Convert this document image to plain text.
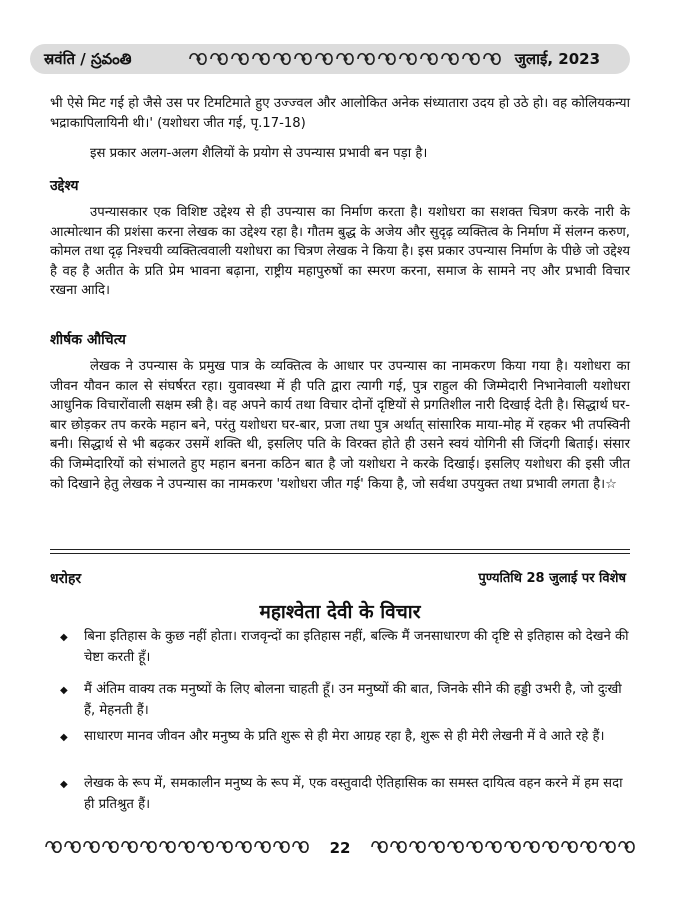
स्रवंति / స్రవంతి	जुलाई, 2023
भी ऐसे मिट गई हो जैसे उस पर टिमटिमाते हुए उज्ज्वल और आलोकित अनेक संध्यातारा उदय हो उठे हो। वह कोलियकन्या भद्राकापिलायिनी थी।' (यशोधरा जीत गई, पृ.17-18)
इस प्रकार अलग-अलग शैलियों के प्रयोग से उपन्यास प्रभावी बन पड़ा है।
उद्देश्य
उपन्यासकार एक विशिष्ट उद्देश्य से ही उपन्यास का निर्माण करता है। यशोधरा का सशक्त चित्रण करके नारी के आत्मोत्थान की प्रशंसा करना लेखक का उद्देश्य रहा है। गौतम बुद्ध के अजेय और सुदृढ़ व्यक्तित्व के निर्माण में संलग्न करुण, कोमल तथा दृढ़ निश्चयी व्यक्तित्ववाली यशोधरा का चित्रण लेखक ने किया है। इस प्रकार उपन्यास निर्माण के पीछे जो उद्देश्य है वह है अतीत के प्रति प्रेम भावना बढ़ाना, राष्ट्रीय महापुरुषों का स्मरण करना, समाज के सामने नए और प्रभावी विचार रखना आदि।
शीर्षक औचित्य
लेखक ने उपन्यास के प्रमुख पात्र के व्यक्तित्व के आधार पर उपन्यास का नामकरण किया गया है। यशोधरा का जीवन यौवन काल से संघर्षरत रहा। युवावस्था में ही पति द्वारा त्यागी गई, पुत्र राहुल की जिम्मेदारी निभानेवाली यशोधरा आधुनिक विचारोंवाली सक्षम स्त्री है। वह अपने कार्य तथा विचार दोनों दृष्टियों से प्रगतिशील नारी दिखाई देती है। सिद्धार्थ घर-बार छोड़कर तप करके महान बने, परंतु यशोधरा घर-बार, प्रजा तथा पुत्र अर्थात् सांसारिक माया-मोह में रहकर भी तपस्विनी बनी। सिद्धार्थ से भी बढ़कर उसमें शक्ति थी, इसलिए पति के विरक्त होते ही उसने स्वयं योगिनी सी जिंदगी बिताई। संसार की जिम्मेदारियों को संभालते हुए महान बनना कठिन बात है जो यशोधरा ने करके दिखाई। इसलिए यशोधरा की इसी जीत को दिखाने हेतु लेखक ने उपन्यास का नामकरण 'यशोधरा जीत गई' किया है, जो सर्वथा उपयुक्त तथा प्रभावी लगता है।☆
धरोहर	पुण्यतिथि 28 जुलाई पर विशेष
महाश्वेता देवी के विचार
◆ बिना इतिहास के कुछ नहीं होता। राजवृन्दों का इतिहास नहीं, बल्कि मैं जनसाधारण की दृष्टि से इतिहास को देखने की चेष्टा करती हूँ।
◆ मैं अंतिम वाक्य तक मनुष्यों के लिए बोलना चाहती हूँ। उन मनुष्यों की बात, जिनके सीने की हड्डी उभरी है, जो दुःखी हैं, मेहनती हैं।
◆ साधारण मानव जीवन और मनुष्य के प्रति शुरू से ही मेरा आग्रह रहा है, शुरू से ही मेरी लेखनी में वे आते रहे हैं।
◆ लेखक के रूप में, समकालीन मनुष्य के रूप में, एक वस्तुवादी ऐतिहासिक का समस्त दायित्व वहन करने में हम सदा ही प्रतिश्रुत हैं।
22
